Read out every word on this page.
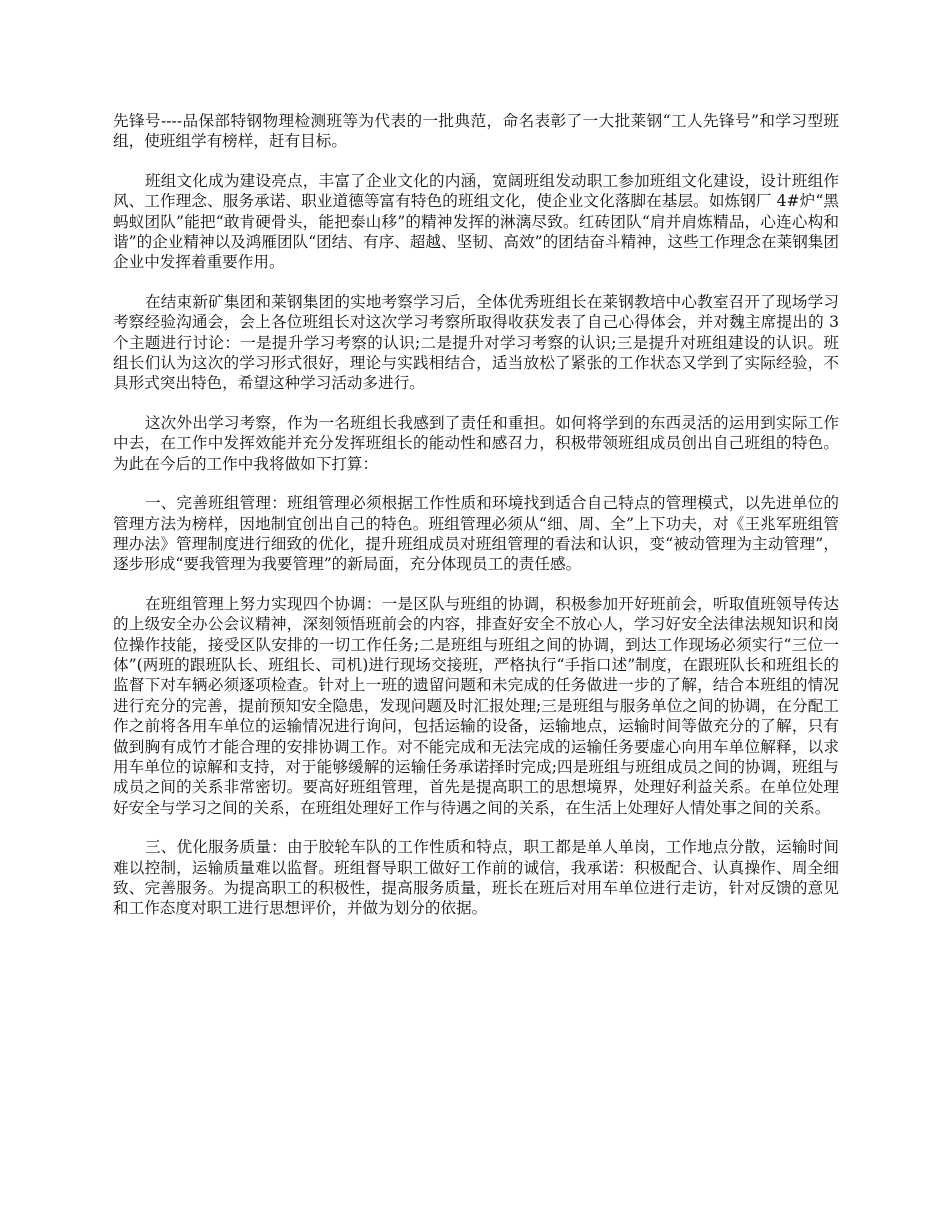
先锋号----品保部特钢物理检测班等为代表的一批典范，命名表彰了一大批莱钢“工人先锋号”和学习型班组，使班组学有榜样，赶有目标。

班组文化成为建设亮点，丰富了企业文化的内涵，宽阔班组发动职工参加班组文化建设，设计班组作风、工作理念、服务承诺、职业道德等富有特色的班组文化，使企业文化落脚在基层。如炼钢厂 4#炉“黑蚂蚁团队”能把“敢肯硬骨头，能把泰山移”的精神发挥的淋漓尽致。红砖团队“肩并肩炼精品，心连心构和谐”的企业精神以及鸿雁团队“团结、有序、超越、坚韧、高效”的团结奋斗精神，这些工作理念在莱钢集团企业中发挥着重要作用。

在结束新矿集团和莱钢集团的实地考察学习后，全体优秀班组长在莱钢教培中心教室召开了现场学习考察经验沟通会，会上各位班组长对这次学习考察所取得收获发表了自己心得体会，并对魏主席提出的 3 个主题进行讨论：一是提升学习考察的认识;二是提升对学习考察的认识;三是提升对班组建设的认识。班组长们认为这次的学习形式很好，理论与实践相结合，适当放松了紧张的工作状态又学到了实际经验，不具形式突出特色，希望这种学习活动多进行。

这次外出学习考察，作为一名班组长我感到了责任和重担。如何将学到的东西灵活的运用到实际工作中去，在工作中发挥效能并充分发挥班组长的能动性和感召力，积极带领班组成员创出自己班组的特色。为此在今后的工作中我将做如下打算：

一、完善班组管理：班组管理必须根据工作性质和环境找到适合自己特点的管理模式，以先进单位的管理方法为榜样，因地制宜创出自己的特色。班组管理必须从“细、周、全”上下功夫，对《王兆军班组管理办法》管理制度进行细致的优化，提升班组成员对班组管理的看法和认识，变“被动管理为主动管理”，逐步形成“要我管理为我要管理”的新局面，充分体现员工的责任感。

在班组管理上努力实现四个协调：一是区队与班组的协调，积极参加开好班前会，听取值班领导传达的上级安全办公会议精神，深刻领悟班前会的内容，排查好安全不放心人，学习好安全法律法规知识和岗位操作技能，接受区队安排的一切工作任务;二是班组与班组之间的协调，到达工作现场必须实行“三位一体”(两班的跟班队长、班组长、司机)进行现场交接班，严格执行“手指口述”制度，在跟班队长和班组长的监督下对车辆必须逐项检查。针对上一班的遗留问题和未完成的任务做进一步的了解，结合本班组的情况进行充分的完善，提前预知安全隐患，发现问题及时汇报处理;三是班组与服务单位之间的协调，在分配工作之前将各用车单位的运输情况进行询问，包括运输的设备，运输地点，运输时间等做充分的了解，只有做到胸有成竹才能合理的安排协调工作。对不能完成和无法完成的运输任务要虚心向用车单位解释，以求用车单位的谅解和支持，对于能够缓解的运输任务承诺择时完成;四是班组与班组成员之间的协调，班组与成员之间的关系非常密切。要高好班组管理，首先是提高职工的思想境界，处理好利益关系。在单位处理好安全与学习之间的关系，在班组处理好工作与待遇之间的关系，在生活上处理好人情处事之间的关系。

三、优化服务质量：由于胶轮车队的工作性质和特点，职工都是单人单岗，工作地点分散，运输时间难以控制，运输质量难以监督。班组督导职工做好工作前的诚信，我承诺：积极配合、认真操作、周全细致、完善服务。为提高职工的积极性，提高服务质量，班长在班后对用车单位进行走访，针对反馈的意见和工作态度对职工进行思想评价，并做为划分的依据。
